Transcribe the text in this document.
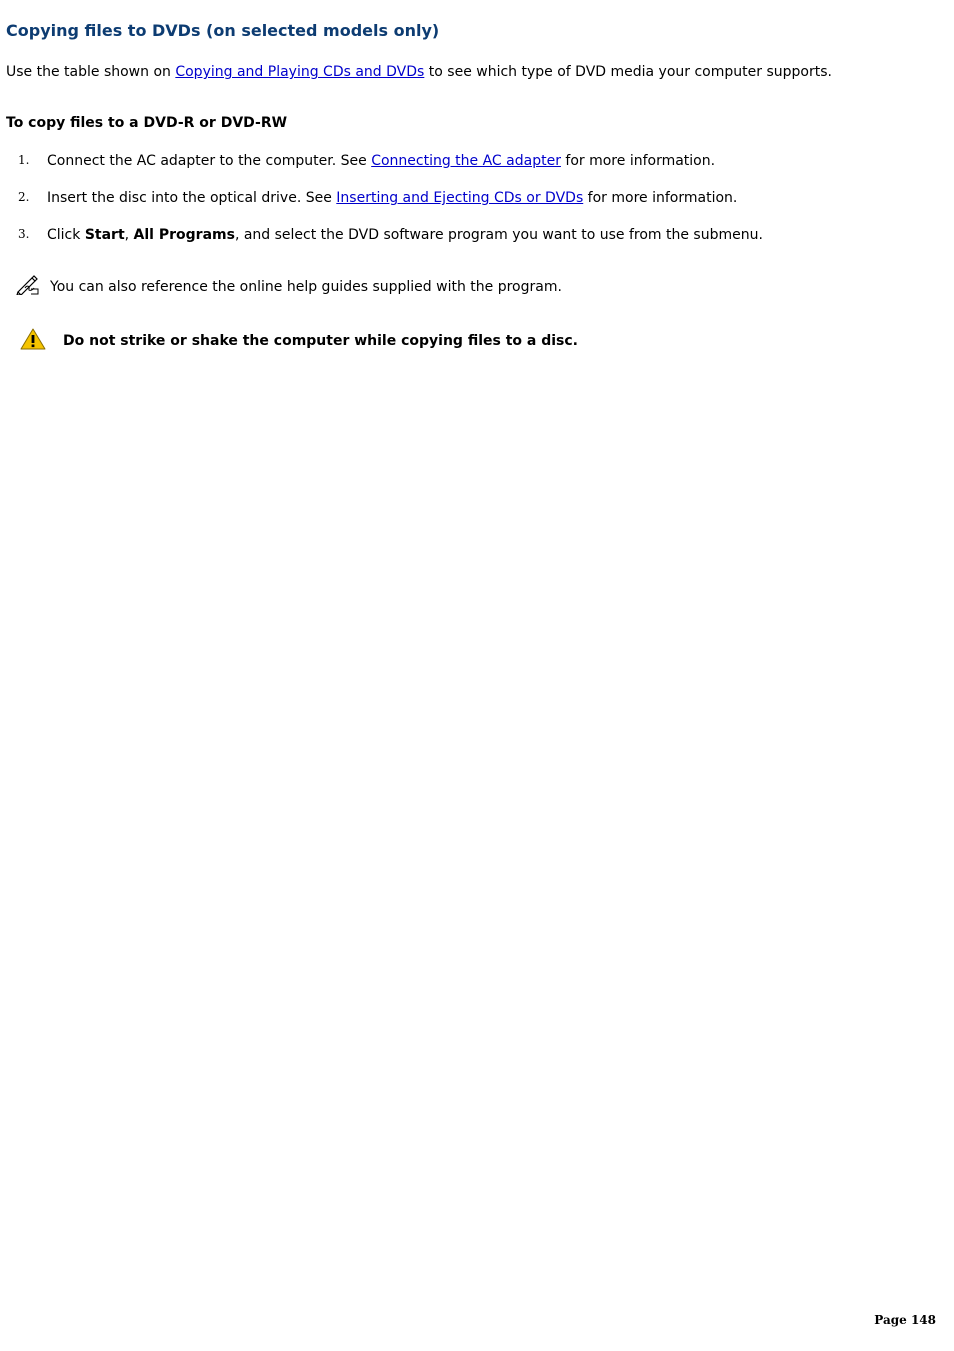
Copying files to DVDs (on selected models only)

Use the table shown on Copying and Playing CDs and DVDs to see which type of DVD media your computer supports.

To copy files to a DVD-R or DVD-RW
1. Connect the AC adapter to the computer. See Connecting the AC adapter for more information.
2. Insert the disc into the optical drive. See Inserting and Ejecting CDs or DVDs for more information.
3. Click Start, All Programs, and select the DVD software program you want to use from the submenu.
You can also reference the online help guides supplied with the program.
Do not strike or shake the computer while copying files to a disc.
Page 148
